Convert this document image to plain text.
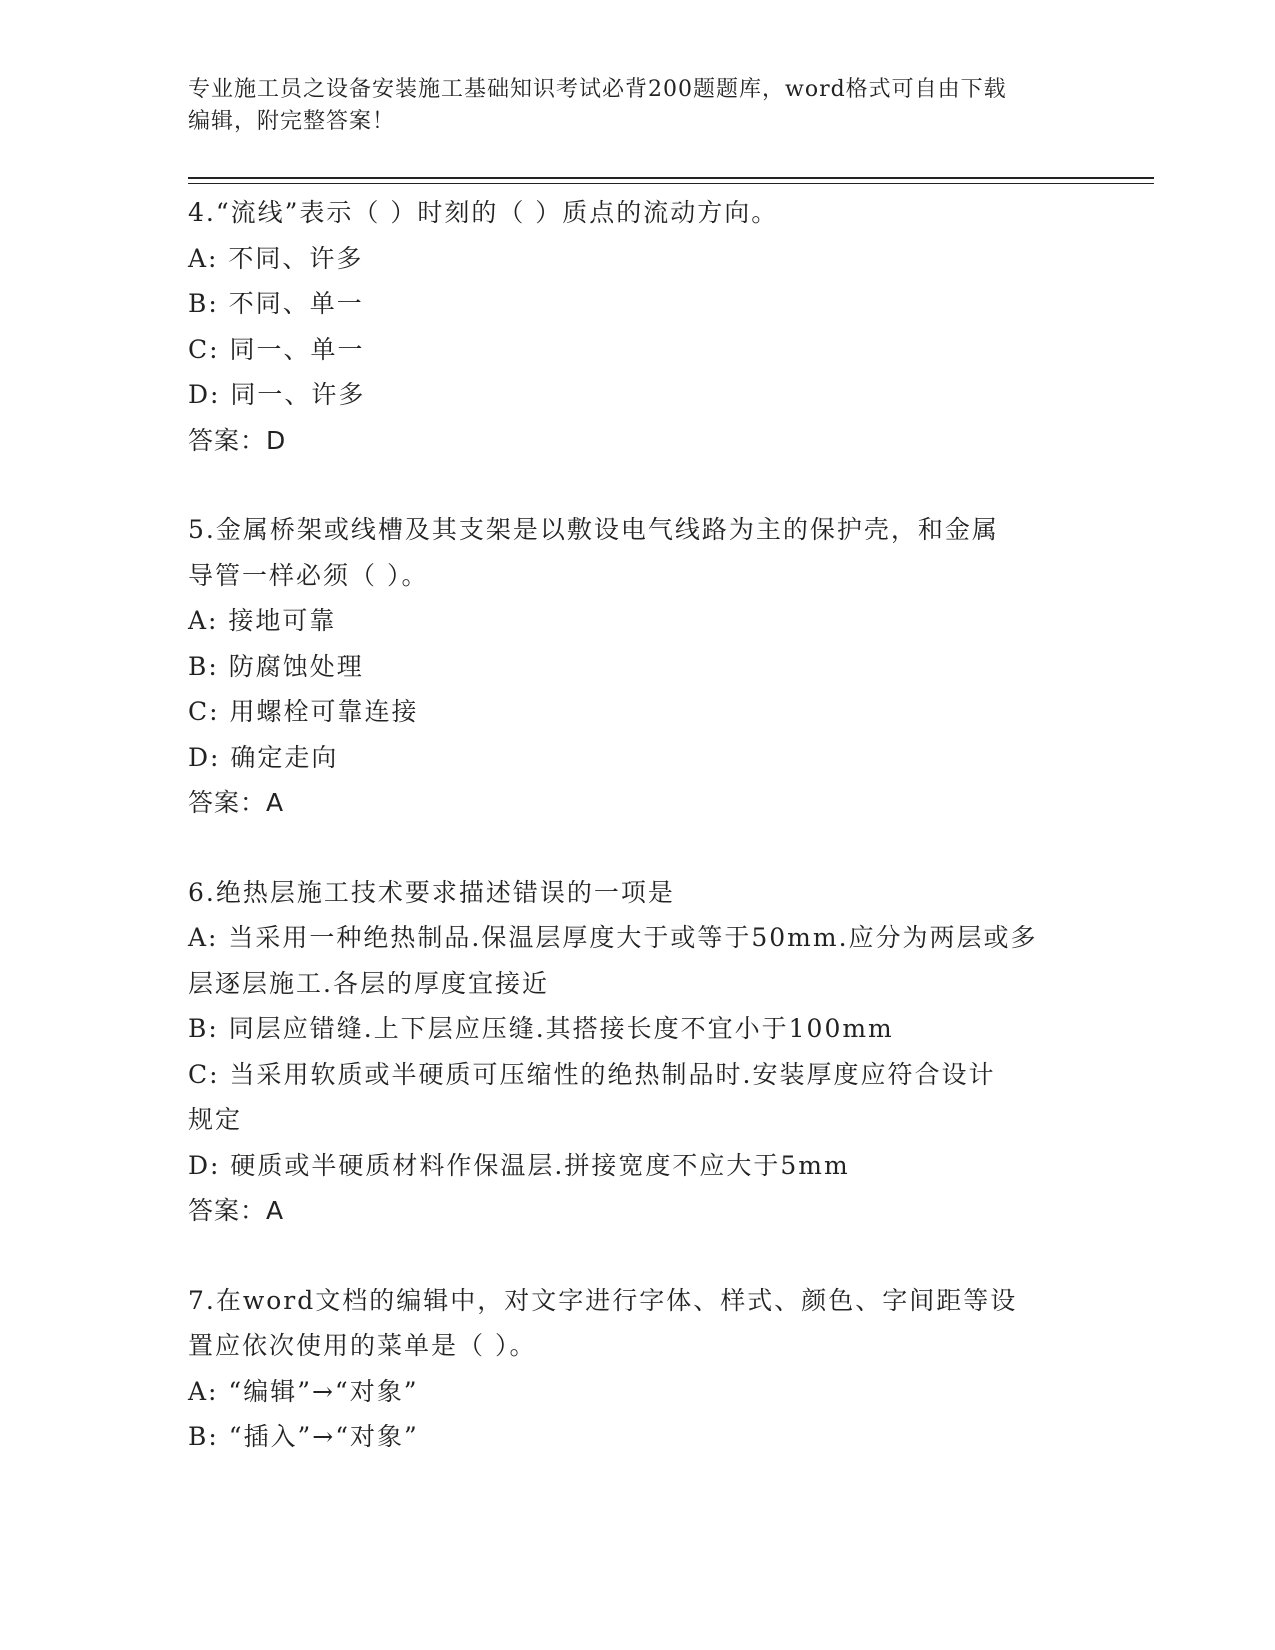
专业施工员之设备安装施工基础知识考试必背200题题库，word格式可自由下载
编辑，附完整答案！

4.“流线”表示（ ）时刻的（ ）质点的流动方向。

A: 不同、许多

B: 不同、单一

C: 同一、单一

D: 同一、许多

答案：D

5.金属桥架或线槽及其支架是以敷设电气线路为主的保护壳，和金属

导管一样必须（ ）。

A: 接地可靠

B: 防腐蚀处理

C: 用螺栓可靠连接

D: 确定走向

答案：A

6.绝热层施工技术要求描述错误的一项是

A: 当采用一种绝热制品.保温层厚度大于或等于50mm.应分为两层或多

层逐层施工.各层的厚度宜接近

B: 同层应错缝.上下层应压缝.其搭接长度不宜小于100mm

C: 当采用软质或半硬质可压缩性的绝热制品时.安装厚度应符合设计

规定

D: 硬质或半硬质材料作保温层.拼接宽度不应大于5mm

答案：A

7.在word文档的编辑中，对文字进行字体、样式、颜色、字间距等设

置应依次使用的菜单是（ ）。

A: “编辑”→“对象”

B: “插入”→“对象”
